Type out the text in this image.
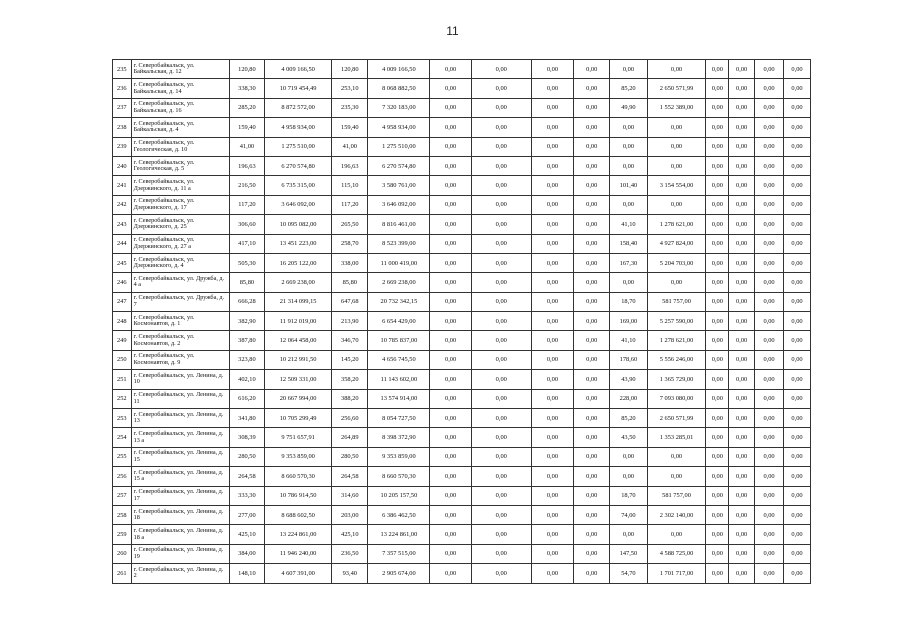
11
235	г. Северобайкальск, ул. Байкальская, д. 12	120,80	4 009 166,50	120,80	4 009 166,50	0,00	0,00	0,00	0,00	0,00	0,00	0,00	0,00	0,00	0,00
236	г. Северобайкальск, ул. Байкальская, д. 14	338,30	10 719 454,49	253,10	8 068 882,50	0,00	0,00	0,00	0,00	85,20	2 650 571,99	0,00	0,00	0,00	0,00
237	г. Северобайкальск, ул. Байкальская, д. 16	285,20	8 872 572,00	235,30	7 320 183,00	0,00	0,00	0,00	0,00	49,90	1 552 389,00	0,00	0,00	0,00	0,00
238	г. Северобайкальск, ул. Байкальская, д. 4	159,40	4 958 934,00	159,40	4 958 934,00	0,00	0,00	0,00	0,00	0,00	0,00	0,00	0,00	0,00	0,00
239	г. Северобайкальск, ул. Геологическая, д. 10	41,00	1 275 510,00	41,00	1 275 510,00	0,00	0,00	0,00	0,00	0,00	0,00	0,00	0,00	0,00	0,00
240	г. Северобайкальск, ул. Геологическая, д. 5	196,63	6 270 574,80	196,63	6 270 574,80	0,00	0,00	0,00	0,00	0,00	0,00	0,00	0,00	0,00	0,00
241	г. Северобайкальск, ул. Дзержинского, д. 11 а	216,50	6 735 315,00	115,10	3 580 761,00	0,00	0,00	0,00	0,00	101,40	3 154 554,00	0,00	0,00	0,00	0,00
242	г. Северобайкальск, ул. Дзержинского, д. 17	117,20	3 646 092,00	117,20	3 646 092,00	0,00	0,00	0,00	0,00	0,00	0,00	0,00	0,00	0,00	0,00
243	г. Северобайкальск, ул. Дзержинского, д. 25	306,60	10 095 082,00	265,50	8 816 461,00	0,00	0,00	0,00	0,00	41,10	1 278 621,00	0,00	0,00	0,00	0,00
244	г. Северобайкальск, ул. Дзержинского, д. 27 а	417,10	13 451 223,00	258,70	8 523 399,00	0,00	0,00	0,00	0,00	158,40	4 927 824,00	0,00	0,00	0,00	0,00
245	г. Северобайкальск, ул. Дзержинского, д. 4	505,30	16 205 122,00	338,00	11 000 419,00	0,00	0,00	0,00	0,00	167,30	5 204 703,00	0,00	0,00	0,00	0,00
246	г. Северобайкальск, ул. Дружба, д. 4 а	85,80	2 669 238,00	85,80	2 669 238,00	0,00	0,00	0,00	0,00	0,00	0,00	0,00	0,00	0,00	0,00
247	г. Северобайкальск, ул. Дружба, д. 7	666,28	21 314 099,15	647,68	20 732 342,15	0,00	0,00	0,00	0,00	18,70	581 757,00	0,00	0,00	0,00	0,00
248	г. Северобайкальск, ул. Космонавтов, д. 1	382,90	11 912 019,00	213,90	6 654 429,00	0,00	0,00	0,00	0,00	169,00	5 257 590,00	0,00	0,00	0,00	0,00
249	г. Северобайкальск, ул. Космонавтов, д. 2	387,80	12 064 458,00	346,70	10 785 837,00	0,00	0,00	0,00	0,00	41,10	1 278 621,00	0,00	0,00	0,00	0,00
250	г. Северобайкальск, ул. Космонавтов, д. 9	323,80	10 212 991,50	145,20	4 656 745,50	0,00	0,00	0,00	0,00	178,60	5 556 246,00	0,00	0,00	0,00	0,00
251	г. Северобайкальск, ул. Ленина, д. 10	402,10	12 509 331,00	358,20	11 143 602,00	0,00	0,00	0,00	0,00	43,90	1 365 729,00	0,00	0,00	0,00	0,00
252	г. Северобайкальск, ул. Ленина, д. 11	616,20	20 667 994,00	388,20	13 574 914,00	0,00	0,00	0,00	0,00	228,00	7 093 080,00	0,00	0,00	0,00	0,00
253	г. Северобайкальск, ул. Ленина, д. 13	341,80	10 705 299,49	256,60	8 054 727,50	0,00	0,00	0,00	0,00	85,20	2 650 571,99	0,00	0,00	0,00	0,00
254	г. Северобайкальск, ул. Ленина, д. 13 а	308,39	9 751 657,91	264,89	8 398 372,90	0,00	0,00	0,00	0,00	43,50	1 353 285,01	0,00	0,00	0,00	0,00
255	г. Северобайкальск, ул. Ленина, д. 15	280,50	9 353 859,00	280,50	9 353 859,00	0,00	0,00	0,00	0,00	0,00	0,00	0,00	0,00	0,00	0,00
256	г. Северобайкальск, ул. Ленина, д. 15 а	264,58	8 660 570,30	264,58	8 660 570,30	0,00	0,00	0,00	0,00	0,00	0,00	0,00	0,00	0,00	0,00
257	г. Северобайкальск, ул. Ленина, д. 17	333,30	10 786 914,50	314,60	10 205 157,50	0,00	0,00	0,00	0,00	18,70	581 757,00	0,00	0,00	0,00	0,00
258	г. Северобайкальск, ул. Ленина, д. 18	277,00	8 688 602,50	203,00	6 386 462,50	0,00	0,00	0,00	0,00	74,00	2 302 140,00	0,00	0,00	0,00	0,00
259	г. Северобайкальск, ул. Ленина, д. 18 а	425,10	13 224 861,00	425,10	13 224 861,00	0,00	0,00	0,00	0,00	0,00	0,00	0,00	0,00	0,00	0,00
260	г. Северобайкальск, ул. Ленина, д. 19	384,00	11 946 240,00	236,50	7 357 515,00	0,00	0,00	0,00	0,00	147,50	4 588 725,00	0,00	0,00	0,00	0,00
261	г. Северобайкальск, ул. Ленина, д. 2	148,10	4 607 391,00	93,40	2 905 674,00	0,00	0,00	0,00	0,00	54,70	1 701 717,00	0,00	0,00	0,00	0,00
